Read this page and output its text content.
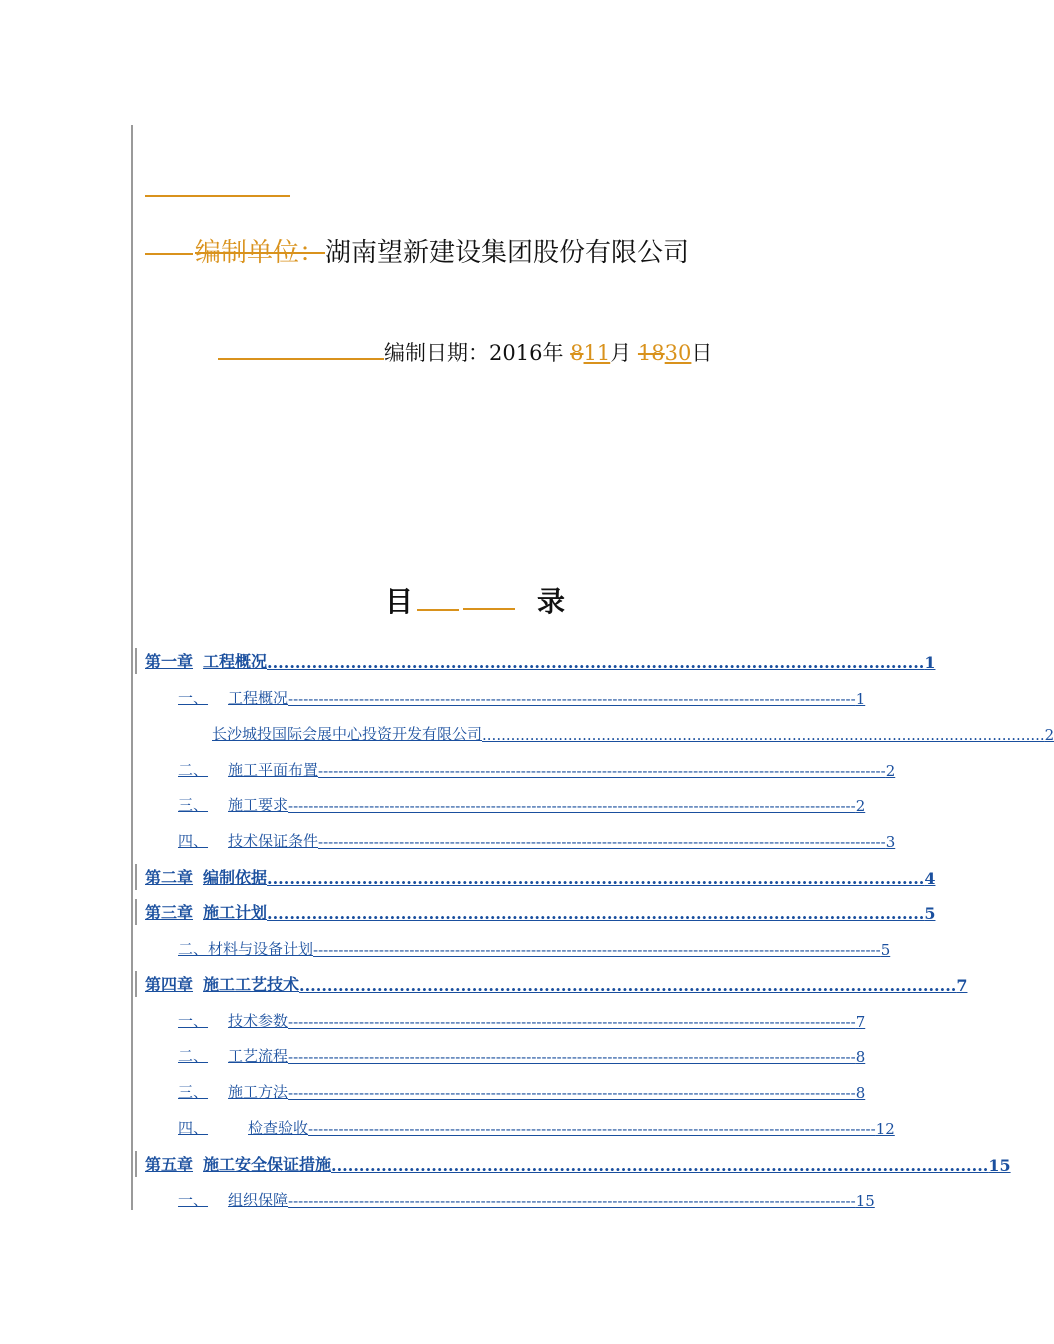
编制单位：湖南望新建设集团股份有限公司
编制日期：2016年 811月 1830日
目	录
第一章 工程概况 ...................................................................................................................... 1
一、 工程概况 ---------------------------------------------------------------------------------------------------------------- 1
长沙城投国际会展中心投资开发有限公司 ...................................................................................................................... 2
二、 施工平面布置 ---------------------------------------------------------------------------------------------------------------- 2
三、 施工要求 ---------------------------------------------------------------------------------------------------------------- 2
四、 技术保证条件 ---------------------------------------------------------------------------------------------------------------- 3
第二章 编制依据 ...................................................................................................................... 4
第三章 施工计划 ...................................................................................................................... 5
二、材料与设备计划 ---------------------------------------------------------------------------------------------------------------- 5
第四章 施工工艺技术 ...................................................................................................................... 7
一、 技术参数 ---------------------------------------------------------------------------------------------------------------- 7
二、 工艺流程 ---------------------------------------------------------------------------------------------------------------- 8
三、 施工方法 ---------------------------------------------------------------------------------------------------------------- 8
四、	检查验收 ---------------------------------------------------------------------------------------------------------------- 12
第五章 施工安全保证措施 ...................................................................................................................... 15
一、 组织保障 ---------------------------------------------------------------------------------------------------------------- 15
